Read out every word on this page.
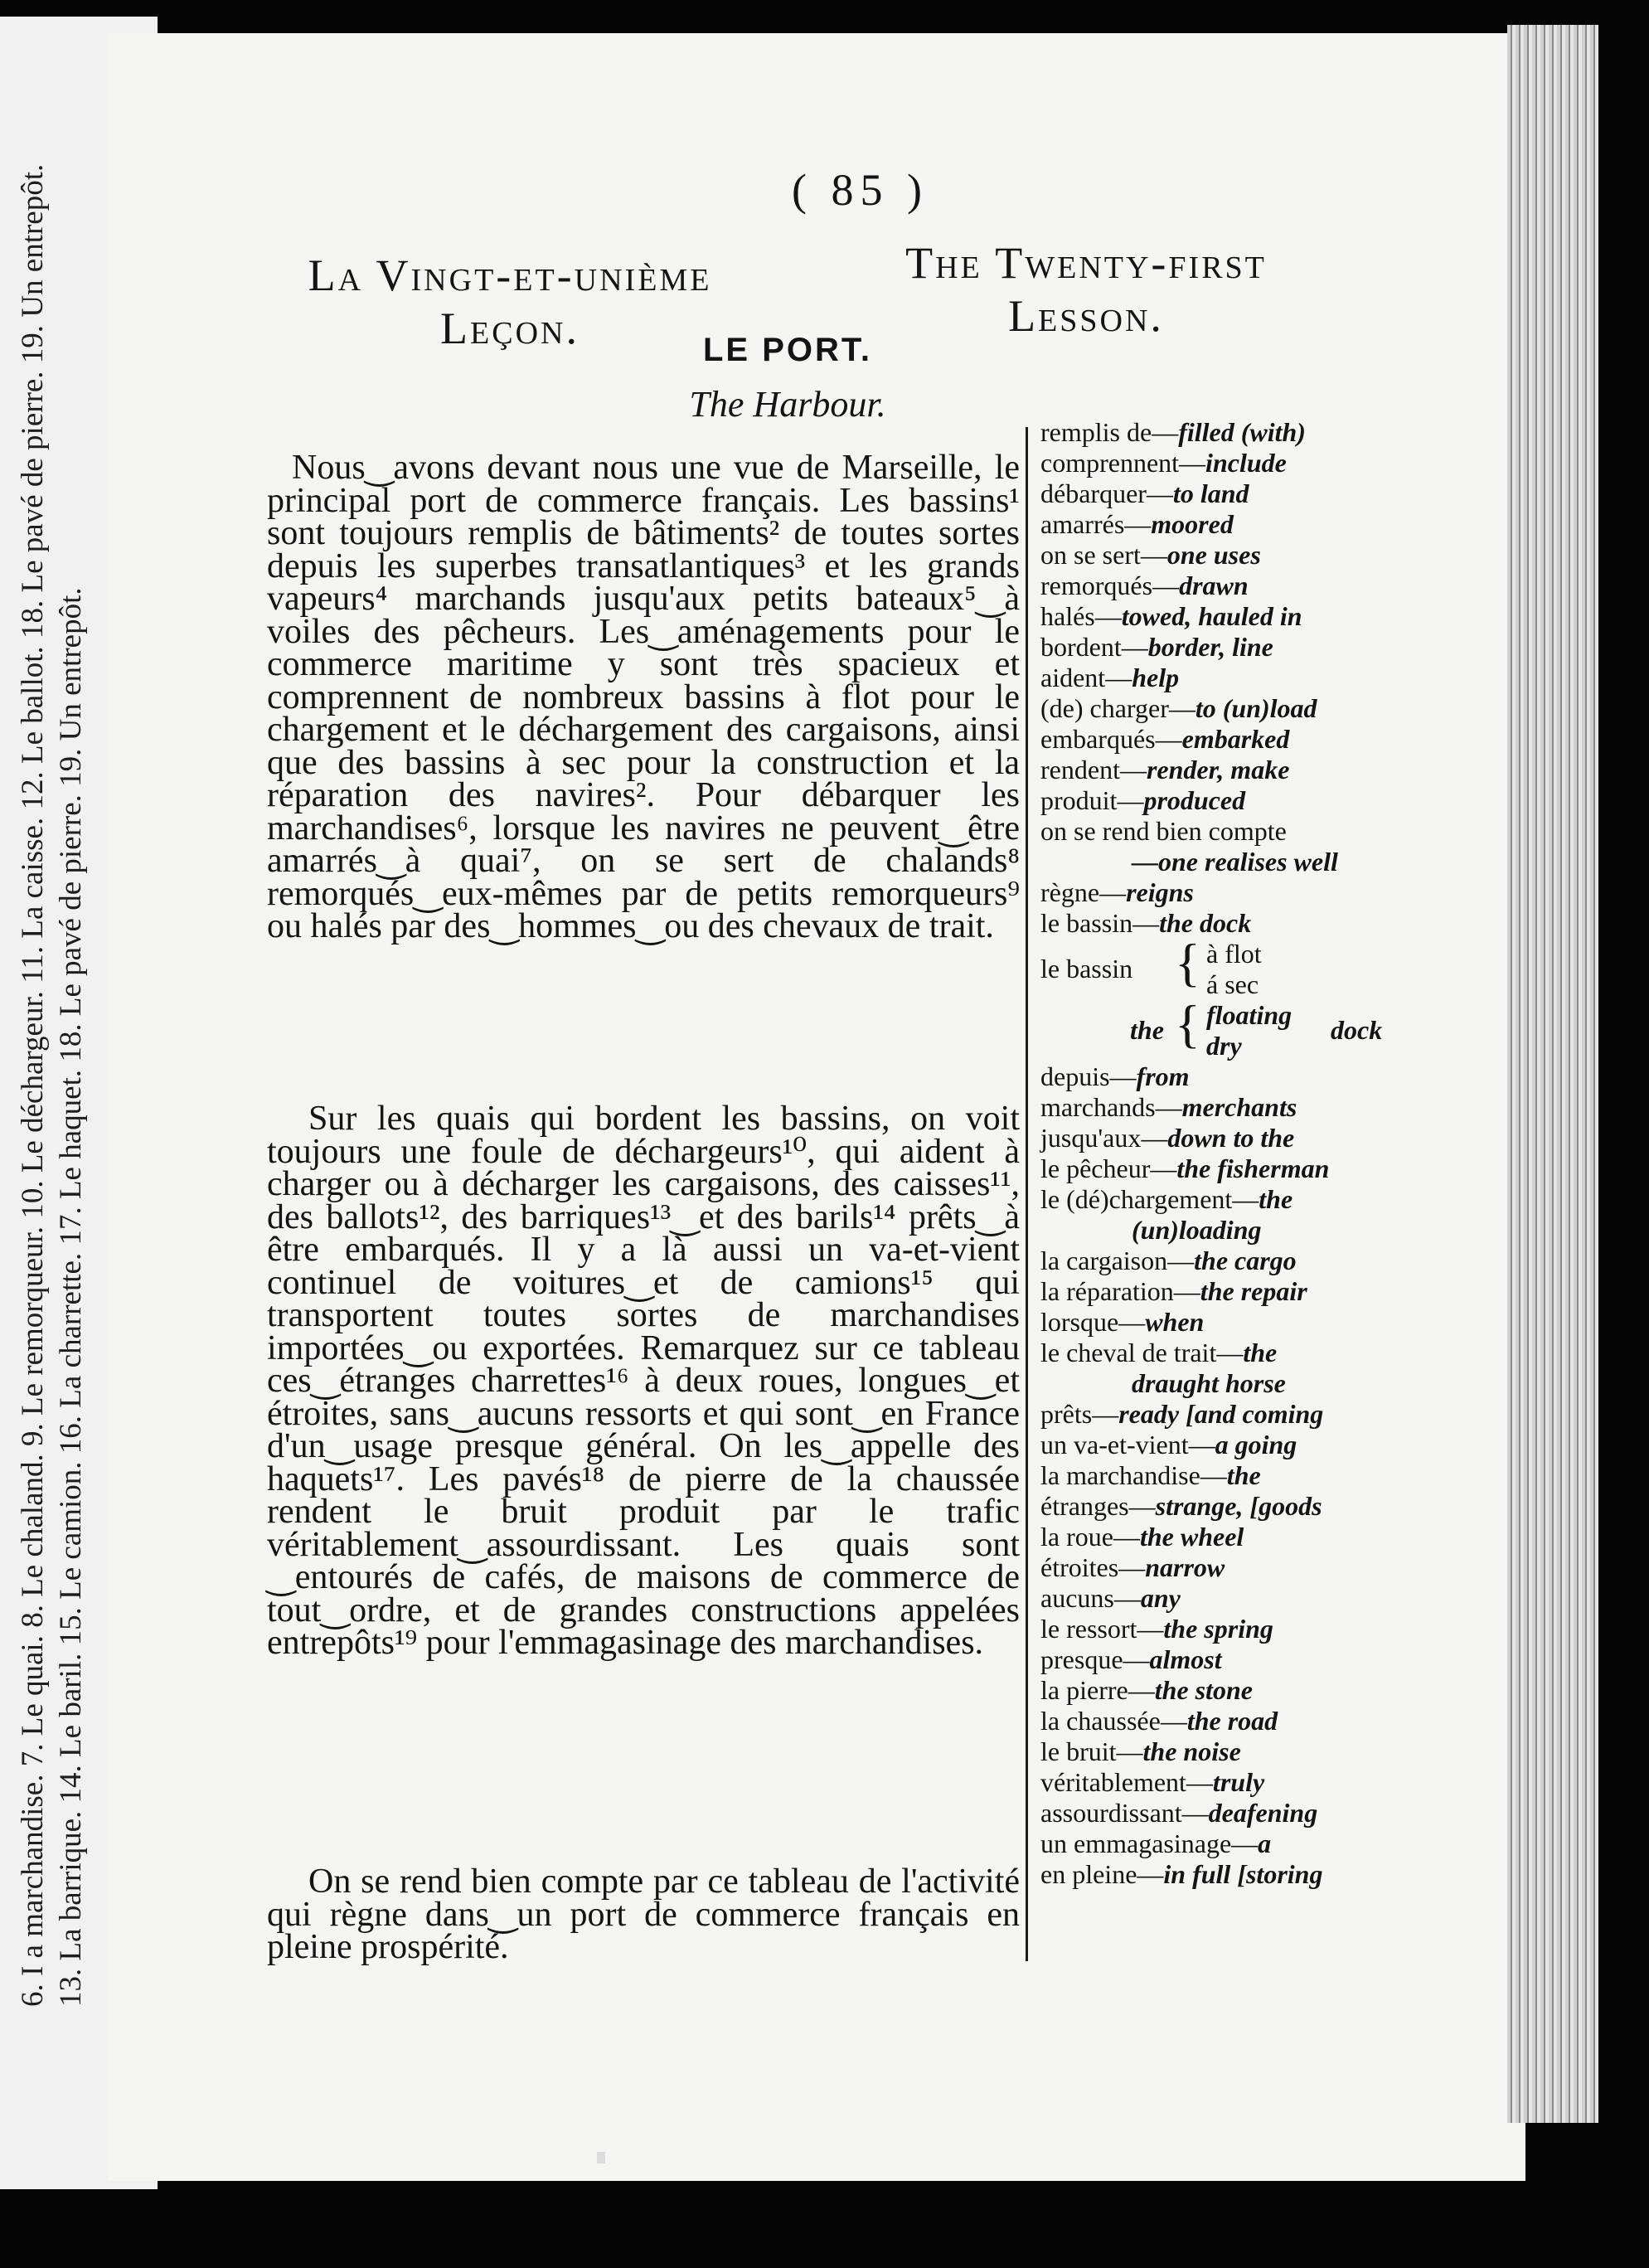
6. I a marchandise. 7. Le quai. 8. Le chaland. 9. Le remorqueur. 10. Le déchargeur. 11. La caisse. 12. Le ballot. 18. Le pavé de pierre. 19. Un entrepôt. 13. La barrique. 14. Le baril. 15. Le camion. 16. La charrette. 17. Le haquet. 18. Le pavé de pierre. 19. Un entrepôt.
( 85 )
La Vingt-et-unième
Leçon.
The Twenty-first
Lesson.
LE PORT.
The Harbour.

Nous‿avons devant nous une vue de Marseille, le principal port de commerce français. Les bassins¹ sont toujours remplis de bâtiments² de toutes sortes depuis les superbes transatlantiques³ et les grands vapeurs⁴ marchands jusqu'aux petits bateaux⁵‿à voiles des pêcheurs. Les‿aménagements pour le commerce maritime y sont très spacieux et comprennent de nombreux bassins à flot pour le chargement et le déchargement des cargaisons, ainsi que des bassins à sec pour la construction et la réparation des navires². Pour débarquer les marchandises⁶, lorsque les navires ne peuvent‿être amarrés‿à quai⁷, on se sert de chalands⁸ remorqués‿eux-mêmes par de petits remorqueurs⁹ ou halés par des‿hommes‿ou des chevaux de trait.

Sur les quais qui bordent les bassins, on voit toujours une foule de déchargeurs¹⁰, qui aident à charger ou à décharger les cargaisons, des caisses¹¹, des ballots¹², des barriques¹³‿et des barils¹⁴ prêts‿à être embarqués. Il y a là aussi un va-et-vient continuel de voitures‿et de camions¹⁵ qui transportent toutes sortes de marchandises importées‿ou exportées. Remarquez sur ce tableau ces‿étranges charrettes¹⁶ à deux roues, longues‿et étroites, sans‿aucuns ressorts et qui sont‿en France d'un‿usage presque général. On les‿appelle des haquets¹⁷. Les pavés¹⁸ de pierre de la chaussée rendent le bruit produit par le trafic véritablement‿assourdissant. Les quais sont ‿entourés de cafés, de maisons de commerce de tout‿ordre, et de grandes constructions appelées entrepôts¹⁹ pour l'emmagasinage des marchandises.

On se rend bien compte par ce tableau de l'activité qui règne dans‿un port de commerce français en pleine prospérité.

remplis de—filled (with)
comprennent—include
débarquer—to land
amarrés—moored
on se sert—one uses
remorqués—drawn
halés—towed, hauled in
bordent—border, line
aident—help
(de) charger—to (un)load
embarqués—embarked
rendent—render, make
produit—produced
on se rend bien compte
—one realises well
règne—reigns
le bassin—the dock
le bassin { à flot
á sec
the { floating
dry
dock
depuis—from
marchands—merchants
jusqu'aux—down to the
le pêcheur—the fisherman
le (dé)chargement—the
(un)loading
la cargaison—the cargo
la réparation—the repair
lorsque—when
le cheval de trait—the
draught horse
prêts—ready [and coming
un va-et-vient—a going
la marchandise—the
étranges—strange, [goods
la roue—the wheel
étroites—narrow
aucuns—any
le ressort—the spring
presque—almost
la pierre—the stone
la chaussée—the road
le bruit—the noise
véritablement—truly
assourdissant—deafening
un emmagasinage—a
en pleine—in full [storing
